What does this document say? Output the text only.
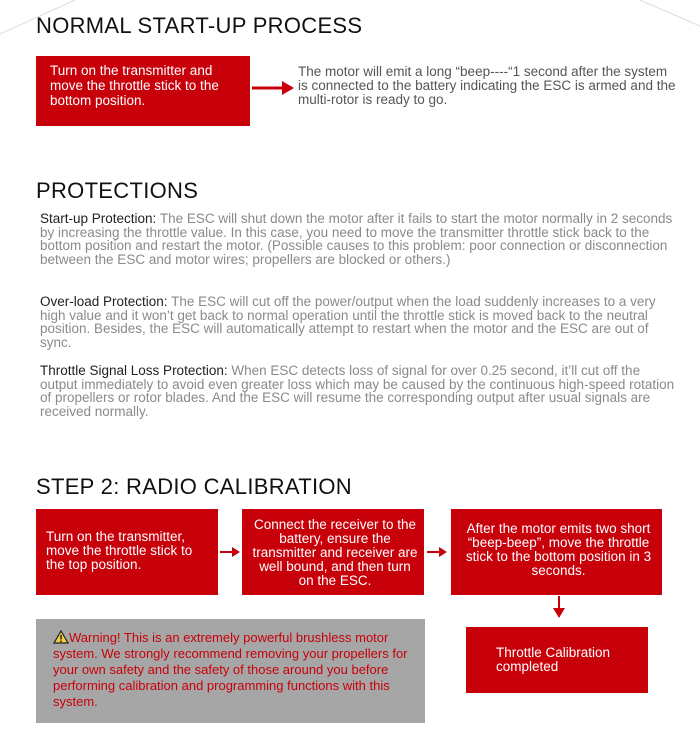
NORMAL START-UP PROCESS
Turn on the transmitter and move the throttle stick to the bottom position.
The motor will emit a long “beep----“1 second after the system is connected to the battery indicating the ESC is armed and the multi-rotor is ready to go.
PROTECTIONS
Start-up Protection: The ESC will shut down the motor after it fails to start the motor normally in 2 seconds by increasing the throttle value. In this case, you need to move the transmitter throttle stick back to the bottom position and restart the motor. (Possible causes to this problem: poor connection or disconnection between the ESC and motor wires; propellers are blocked or others.)
Over-load Protection: The ESC will cut off the power/output when the load suddenly increases to a very high value and it won’t get back to normal operation until the throttle stick is moved back to the neutral position. Besides, the ESC will automatically attempt to restart when the motor and the ESC are out of sync.
Throttle Signal Loss Protection: When ESC detects loss of signal for over 0.25 second, it’ll cut off the output immediately to avoid even greater loss which may be caused by the continuous high-speed rotation of propellers or rotor blades. And the ESC will resume the corresponding output after usual signals are received normally.
STEP 2: RADIO CALIBRATION
Turn on the transmitter, move the throttle stick to the top position.
Connect the receiver to the battery, ensure the transmitter and receiver are well bound, and then turn on the ESC.
After the motor emits two short “beep-beep”, move the throttle stick to the bottom position in 3 seconds.
Throttle Calibration completed
Warning! This is an extremely powerful brushless motor system. We strongly recommend removing your propellers for your own safety and the safety of those around you before performing calibration and programming functions with this system.
